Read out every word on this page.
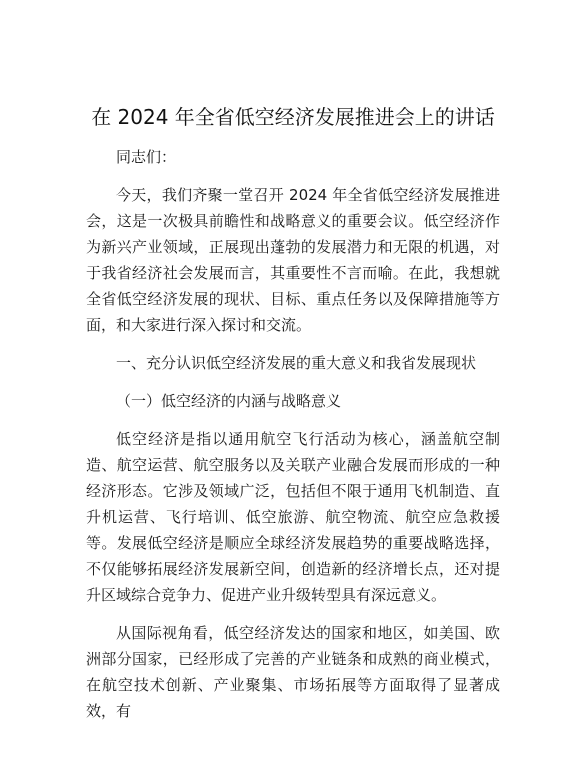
在 2024 年全省低空经济发展推进会上的讲话

同志们：

今天，我们齐聚一堂召开 2024 年全省低空经济发展推进会，这是一次极具前瞻性和战略意义的重要会议。低空经济作为新兴产业领域，正展现出蓬勃的发展潜力和无限的机遇，对于我省经济社会发展而言，其重要性不言而喻。在此，我想就全省低空经济发展的现状、目标、重点任务以及保障措施等方面，和大家进行深入探讨和交流。

一、充分认识低空经济发展的重大意义和我省发展现状

（一）低空经济的内涵与战略意义

低空经济是指以通用航空飞行活动为核心，涵盖航空制造、航空运营、航空服务以及关联产业融合发展而形成的一种经济形态。它涉及领域广泛，包括但不限于通用飞机制造、直升机运营、飞行培训、低空旅游、航空物流、航空应急救援等。发展低空经济是顺应全球经济发展趋势的重要战略选择，不仅能够拓展经济发展新空间，创造新的经济增长点，还对提升区域综合竞争力、促进产业升级转型具有深远意义。

从国际视角看，低空经济发达的国家和地区，如美国、欧洲部分国家，已经形成了完善的产业链条和成熟的商业模式，在航空技术创新、产业聚集、市场拓展等方面取得了显著成效，有
